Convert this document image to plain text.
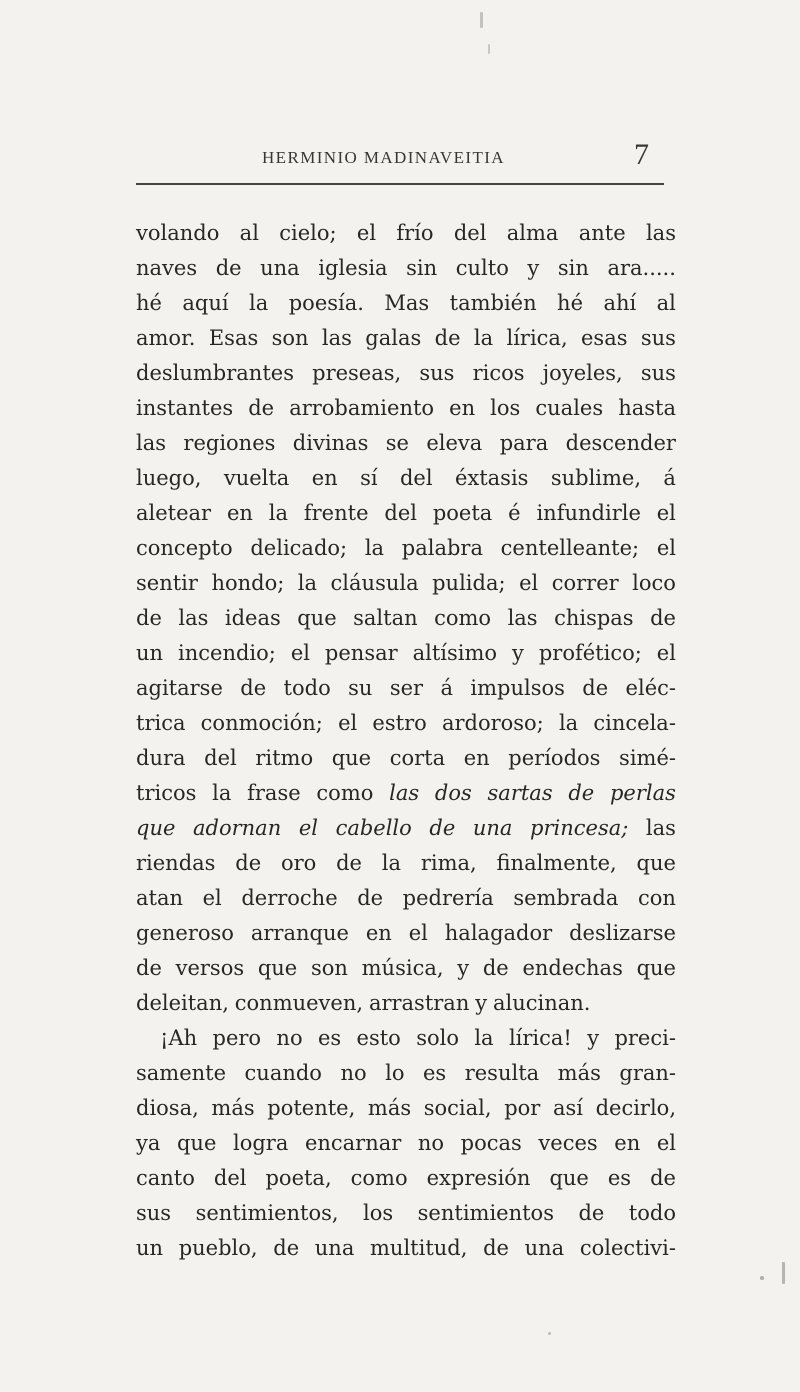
HERMINIO MADINAVEITIA	7
volando al cielo; el frío del alma ante las
naves de una iglesia sin culto y sin ara.....
hé aquí la poesía. Mas también hé ahí al
amor. Esas son las galas de la lírica, esas sus
deslumbrantes preseas, sus ricos joyeles, sus
instantes de arrobamiento en los cuales hasta
las regiones divinas se eleva para descender
luego, vuelta en sí del éxtasis sublime, á
aletear en la frente del poeta é infundirle el
concepto delicado; la palabra centelleante; el
sentir hondo; la cláusula pulida; el correr loco
de las ideas que saltan como las chispas de
un incendio; el pensar altísimo y profético; el
agitarse de todo su ser á impulsos de eléc-
trica conmoción; el estro ardoroso; la cincela-
dura del ritmo que corta en períodos simé-
tricos la frase como las dos sartas de perlas
que adornan el cabello de una princesa; las
riendas de oro de la rima, finalmente, que
atan el derroche de pedrería sembrada con
generoso arranque en el halagador deslizarse
de versos que son música, y de endechas que
deleitan, conmueven, arrastran y alucinan.
¡Ah pero no es esto solo la lírica! y preci-
samente cuando no lo es resulta más gran-
diosa, más potente, más social, por así decirlo,
ya que logra encarnar no pocas veces en el
canto del poeta, como expresión que es de
sus sentimientos, los sentimientos de todo
un pueblo, de una multitud, de una colectivi-
